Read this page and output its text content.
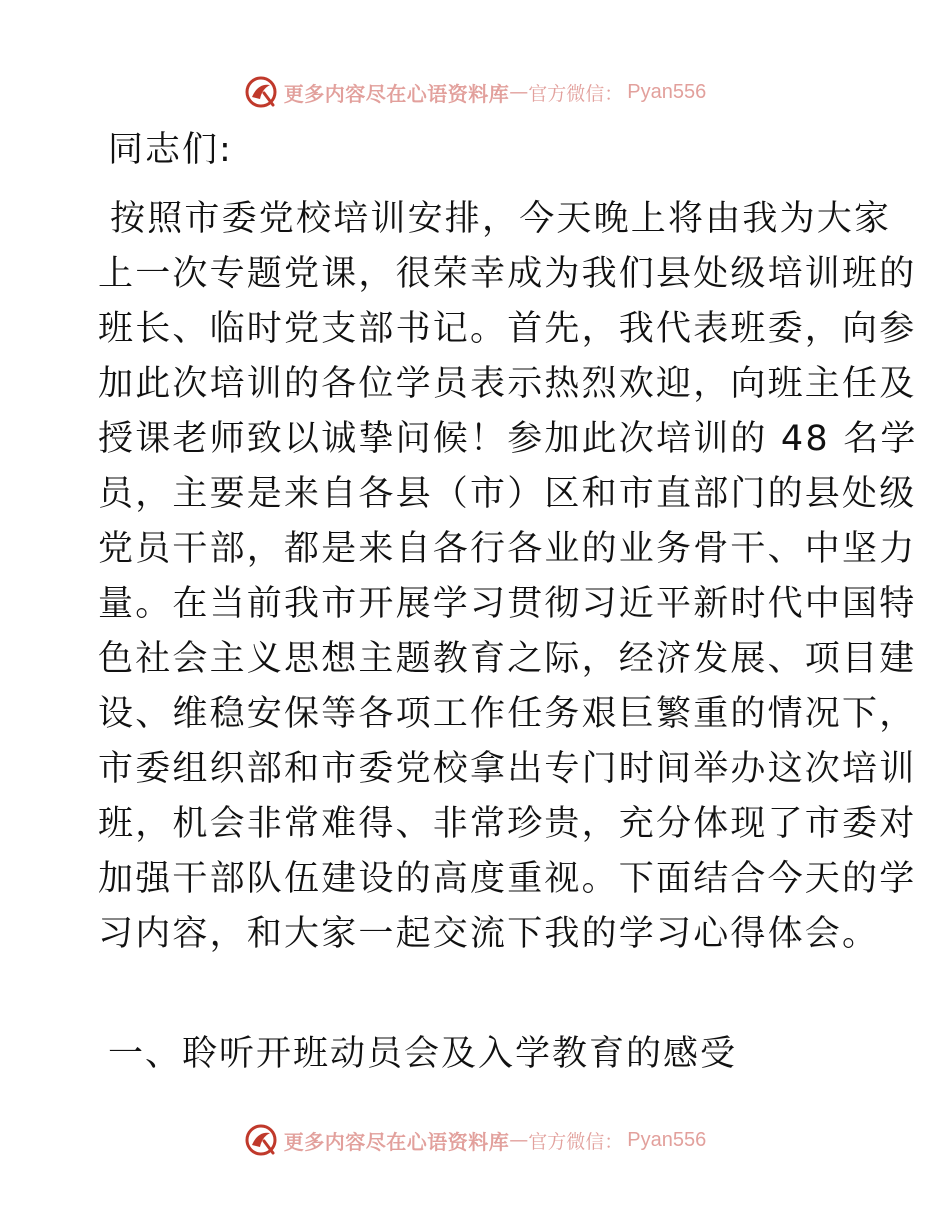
更多内容尽在心语资料库 — 官方微信： Pyan556
同志们:
按照市委党校培训安排，今天晚上将由我为大家
上一次专题党课，很荣幸成为我们县处级培训班的
班长、临时党支部书记。首先，我代表班委，向参
加此次培训的各位学员表示热烈欢迎，向班主任及
授课老师致以诚挚问候！参加此次培训的 48 名学
员，主要是来自各县（市）区和市直部门的县处级
党员干部，都是来自各行各业的业务骨干、中坚力
量。在当前我市开展学习贯彻习近平新时代中国特
色社会主义思想主题教育之际，经济发展、项目建
设、维稳安保等各项工作任务艰巨繁重的情况下，
市委组织部和市委党校拿出专门时间举办这次培训
班，机会非常难得、非常珍贵，充分体现了市委对
加强干部队伍建设的高度重视。下面结合今天的学
习内容，和大家一起交流下我的学习心得体会。
一、聆听开班动员会及入学教育的感受
更多内容尽在心语资料库 — 官方微信： Pyan556
